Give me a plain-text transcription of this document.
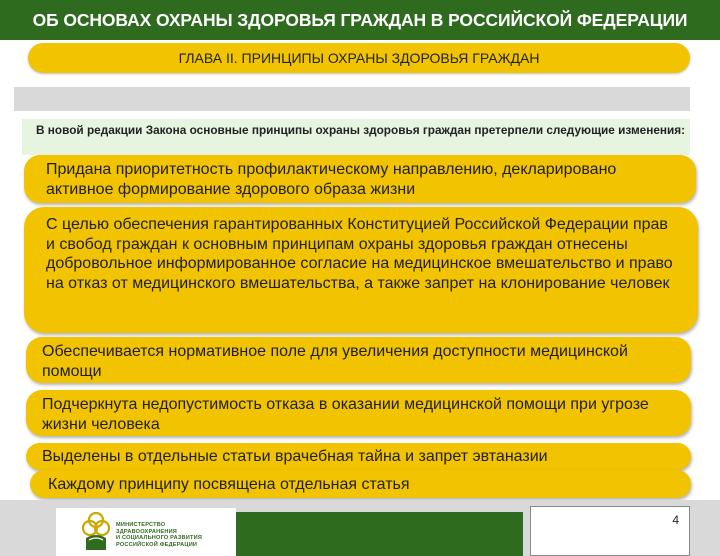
ОБ ОСНОВАХ ОХРАНЫ ЗДОРОВЬЯ ГРАЖДАН В РОССИЙСКОЙ ФЕДЕРАЦИИ
ГЛАВА II. ПРИНЦИПЫ ОХРАНЫ ЗДОРОВЬЯ ГРАЖДАН
В новой редакции Закона основные принципы охраны здоровья граждан претерпели следующие изменения:
Придана приоритетность профилактическому направлению, декларировано активное формирование здорового образа жизни
С целью обеспечения гарантированных Конституцией Российской Федерации прав и свобод граждан к основным принципам охраны здоровья граждан отнесены добровольное информированное согласие на медицинское вмешательство и право на отказ от медицинского вмешательства, а также запрет на клонирование человек
Обеспечивается нормативное поле для увеличения доступности медицинской помощи
Подчеркнута недопустимость отказа в оказании медицинской помощи при угрозе жизни человека
Выделены в отдельные статьи врачебная тайна и запрет эвтаназии
Каждому принципу посвящена отдельная статья
МИНИСТЕРСТВО
ЗДРАВООХРАНЕНИЯ
И СОЦИАЛЬНОГО РАЗВИТИЯ
РОССИЙСКОЙ ФЕДЕРАЦИИ
4
